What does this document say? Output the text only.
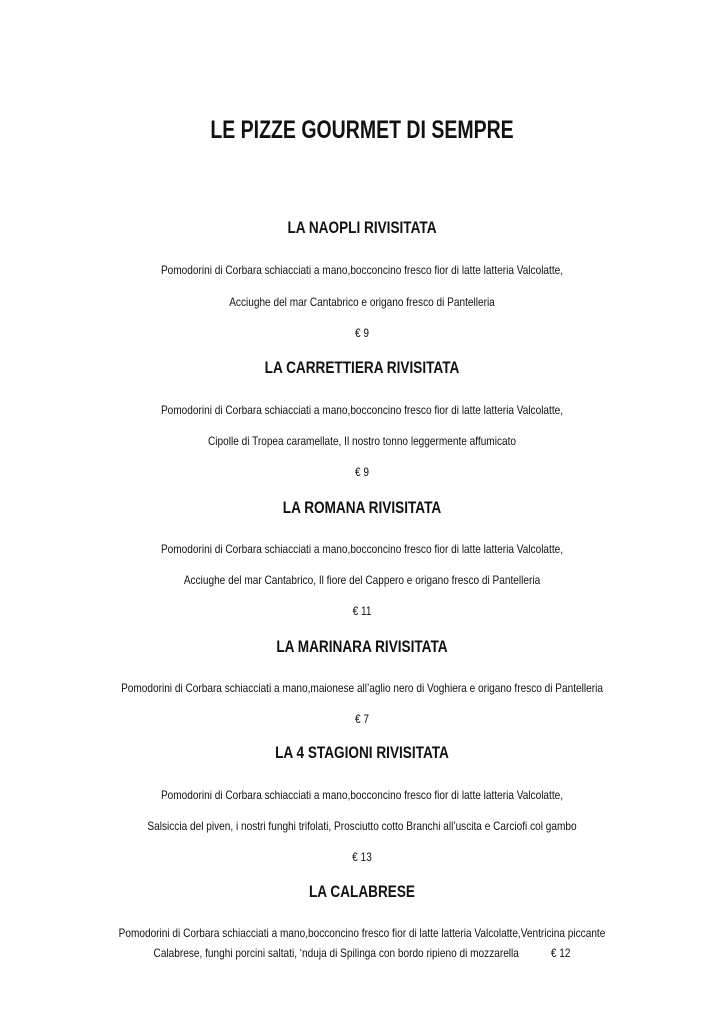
LE PIZZE GOURMET DI SEMPRE
LA NAOPLI RIVISITATA
Pomodorini di Corbara schiacciati a mano,bocconcino fresco fior di latte latteria Valcolatte,
Acciughe del mar Cantabrico e origano fresco di Pantelleria
€ 9
LA CARRETTIERA RIVISITATA
Pomodorini di Corbara schiacciati a mano,bocconcino fresco fior di latte latteria Valcolatte,
Cipolle di Tropea caramellate, Il nostro tonno leggermente affumicato
€ 9
LA ROMANA RIVISITATA
Pomodorini di Corbara schiacciati a mano,bocconcino fresco fior di latte latteria Valcolatte,
Acciughe del mar Cantabrico, Il fiore del Cappero e origano fresco di Pantelleria
€ 11
LA MARINARA RIVISITATA
Pomodorini di Corbara schiacciati a mano,maionese all’aglio nero di Voghiera e origano fresco di Pantelleria
€ 7
LA 4 STAGIONI RIVISITATA
Pomodorini di Corbara schiacciati a mano,bocconcino fresco fior di latte latteria Valcolatte,
Salsiccia del piven, i nostri funghi trifolati, Prosciutto cotto Branchi all’uscita e Carciofi col gambo
€ 13
LA CALABRESE
Pomodorini di Corbara schiacciati a mano,bocconcino fresco fior di latte latteria Valcolatte,Ventricina piccante
Calabrese, funghi porcini saltati, ‘nduja di Spilinga con bordo ripieno di mozzarella	€ 12
